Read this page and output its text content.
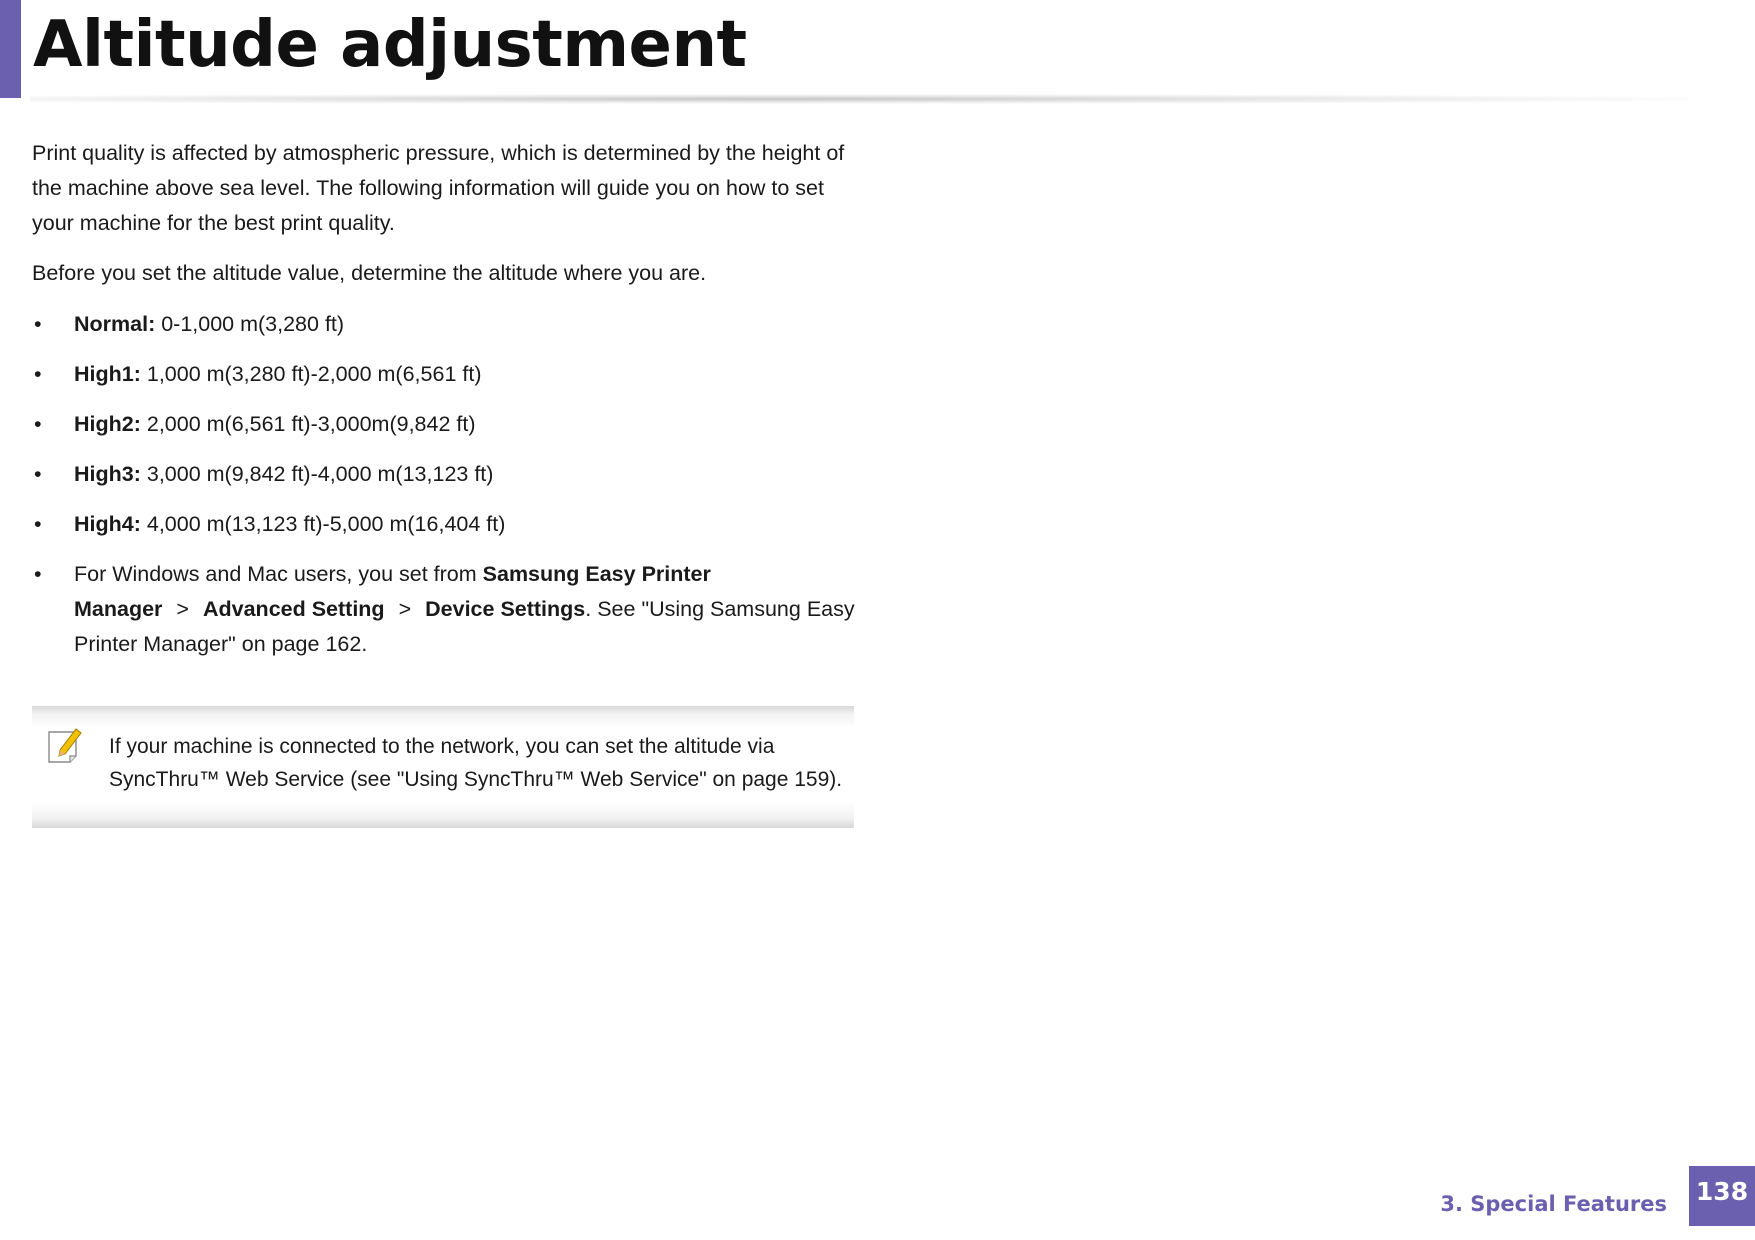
Altitude adjustment

Print quality is affected by atmospheric pressure, which is determined by the height of the machine above sea level. The following information will guide you on how to set your machine for the best print quality.

Before you set the altitude value, determine the altitude where you are.

• Normal: 0-1,000 m(3,280 ft)
• High1: 1,000 m(3,280 ft)-2,000 m(6,561 ft)
• High2: 2,000 m(6,561 ft)-3,000m(9,842 ft)
• High3: 3,000 m(9,842 ft)-4,000 m(13,123 ft)
• High4: 4,000 m(13,123 ft)-5,000 m(16,404 ft)

• For Windows and Mac users, you set from Samsung Easy Printer Manager > Advanced Setting > Device Settings. See "Using Samsung Easy Printer Manager" on page 162.

If your machine is connected to the network, you can set the altitude via SyncThru™ Web Service (see "Using SyncThru™ Web Service" on page 159).
3. Special Features 138
